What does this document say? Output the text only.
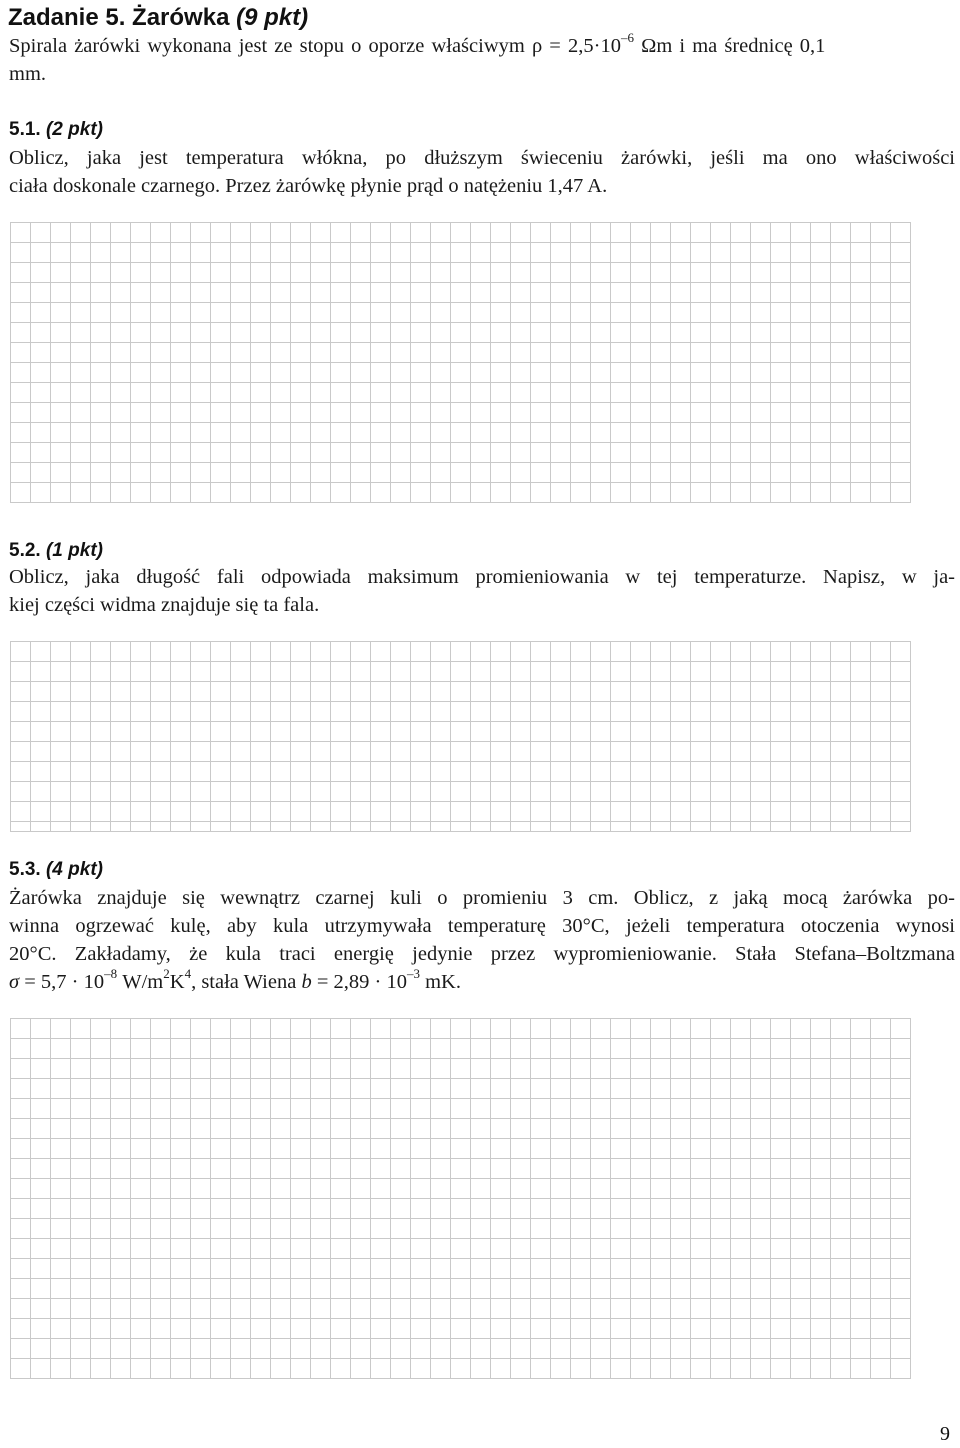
Zadanie 5. Żarówka (9 pkt)
Spirala żarówki wykonana jest ze stopu o oporze właściwym $\rho = 2,5\cdot 10^{-6}$ Ωm i ma średnicę 0,1
mm.
5.1. (2 pkt)
Oblicz, jaka jest temperatura włókna, po dłuższym świeceniu żarówki, jeśli ma ono właściwości
ciała doskonale czarnego. Przez żarówkę płynie prąd o natężeniu 1,47 A.
5.2. (1 pkt)
Oblicz, jaka długość fali odpowiada maksimum promieniowania w tej temperaturze. Napisz, w ja-
kiej części widma znajduje się ta fala.
5.3. (4 pkt)
Żarówka znajduje się wewnątrz czarnej kuli o promieniu 3 cm. Oblicz, z jaką mocą żarówka po-
winna ogrzewać kulę, aby kula utrzymywała temperaturę 30°C, jeżeli temperatura otoczenia wynosi
20°C. Zakładamy, że kula traci energię jedynie przez wypromieniowanie. Stała Stefana–Boltzmana
$\sigma = 5,7 \cdot 10^{-8}$ $W/m^2K^4$, stała Wiena $b = 2,89 \cdot 10^{-3}$ mK.
9
